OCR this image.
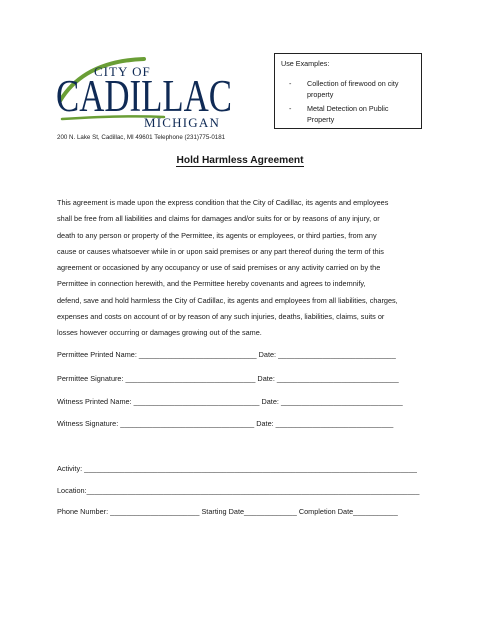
CITY OF
CADILLAC
MICHIGAN
200 N. Lake St, Cadillac, MI 49601 Telephone (231)775-0181
Use Examples:
- Collection of firewood on city
property
- Metal Detection on Public
Property
Hold Harmless Agreement

This agreement is made upon the express condition that the City of Cadillac, its agents and employees

shall be free from all liabilities and claims for damages and/or suits for or by reasons of any injury, or

death to any person or property of the Permittee, its agents or employees, or third parties, from any

cause or causes whatsoever while in or upon said premises or any part thereof during the term of this

agreement or occasioned by any occupancy or use of said premises or any activity carried on by the

Permittee in connection herewith, and the Permittee hereby covenants and agrees to indemnify,

defend, save and hold harmless the City of Cadillac, its agents and employees from all liabilities, charges,

expenses and costs on account of or by reason of any such injuries, deaths, liabilities, claims, suits or

losses however occurring or damages growing out of the same.

Permittee Printed Name: _____________________________ Date: _____________________________
Permittee Signature: ________________________________ Date: ______________________________
Witness Printed Name: _______________________________ Date: ______________________________
Witness Signature: _________________________________ Date: _____________________________
Activity: __________________________________________________________________________________
Location:__________________________________________________________________________________
Phone Number: ______________________ Starting Date_____________ Completion Date___________
